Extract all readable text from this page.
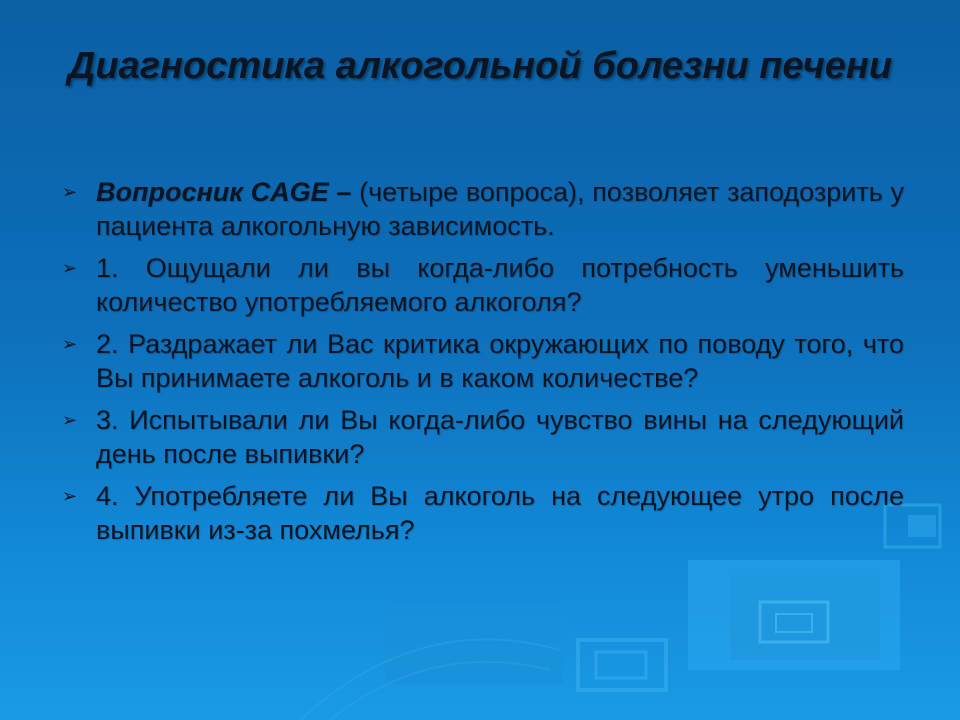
Диагностика алкогольной болезни печени
➢ Вопросник CAGE – (четыре вопроса), позволяет заподозрить у пациента алкогольную зависимость.
➢ 1. Ощущали ли вы когда-либо потребность уменьшить количество употребляемого алкоголя?
➢ 2. Раздражает ли Вас критика окружающих по поводу того, что Вы принимаете алкоголь и в каком количестве?
➢ 3. Испытывали ли Вы когда-либо чувство вины на следующий день после выпивки?
➢ 4. Употребляете ли Вы алкоголь на следующее утро после выпивки из-за похмелья?
